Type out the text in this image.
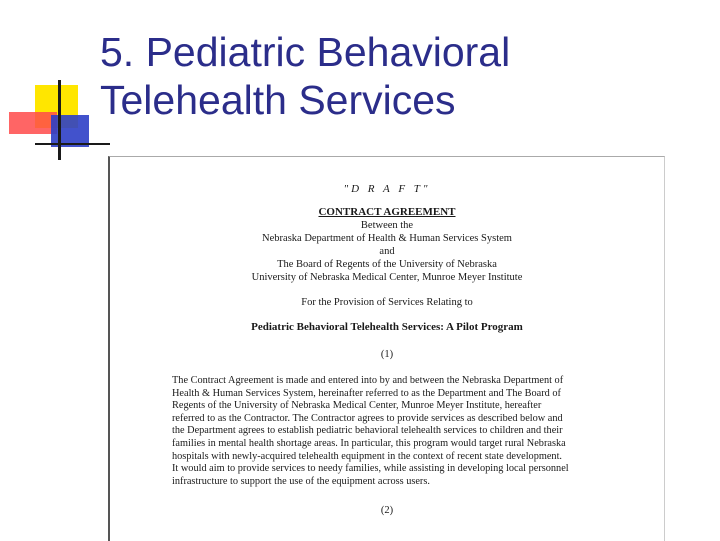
5. Pediatric Behavioral
Telehealth Services
"D R A F T"
CONTRACT AGREEMENT
Between the
Nebraska Department of Health & Human Services System
and
The Board of Regents of the University of Nebraska
University of Nebraska Medical Center, Munroe Meyer Institute
For the Provision of Services Relating to
Pediatric Behavioral Telehealth Services: A Pilot Program
(1)
The Contract Agreement is made and entered into by and between the Nebraska Department of
Health & Human Services System, hereinafter referred to as the Department and The Board of
Regents of the University of Nebraska Medical Center, Munroe Meyer Institute, hereafter
referred to as the Contractor. The Contractor agrees to provide services as described below and
the Department agrees to establish pediatric behavioral telehealth services to children and their
families in mental health shortage areas. In particular, this program would target rural Nebraska
hospitals with newly-acquired telehealth equipment in the context of recent state development.
It would aim to provide services to needy families, while assisting in developing local personnel
infrastructure to support the use of the equipment across users.
(2)
